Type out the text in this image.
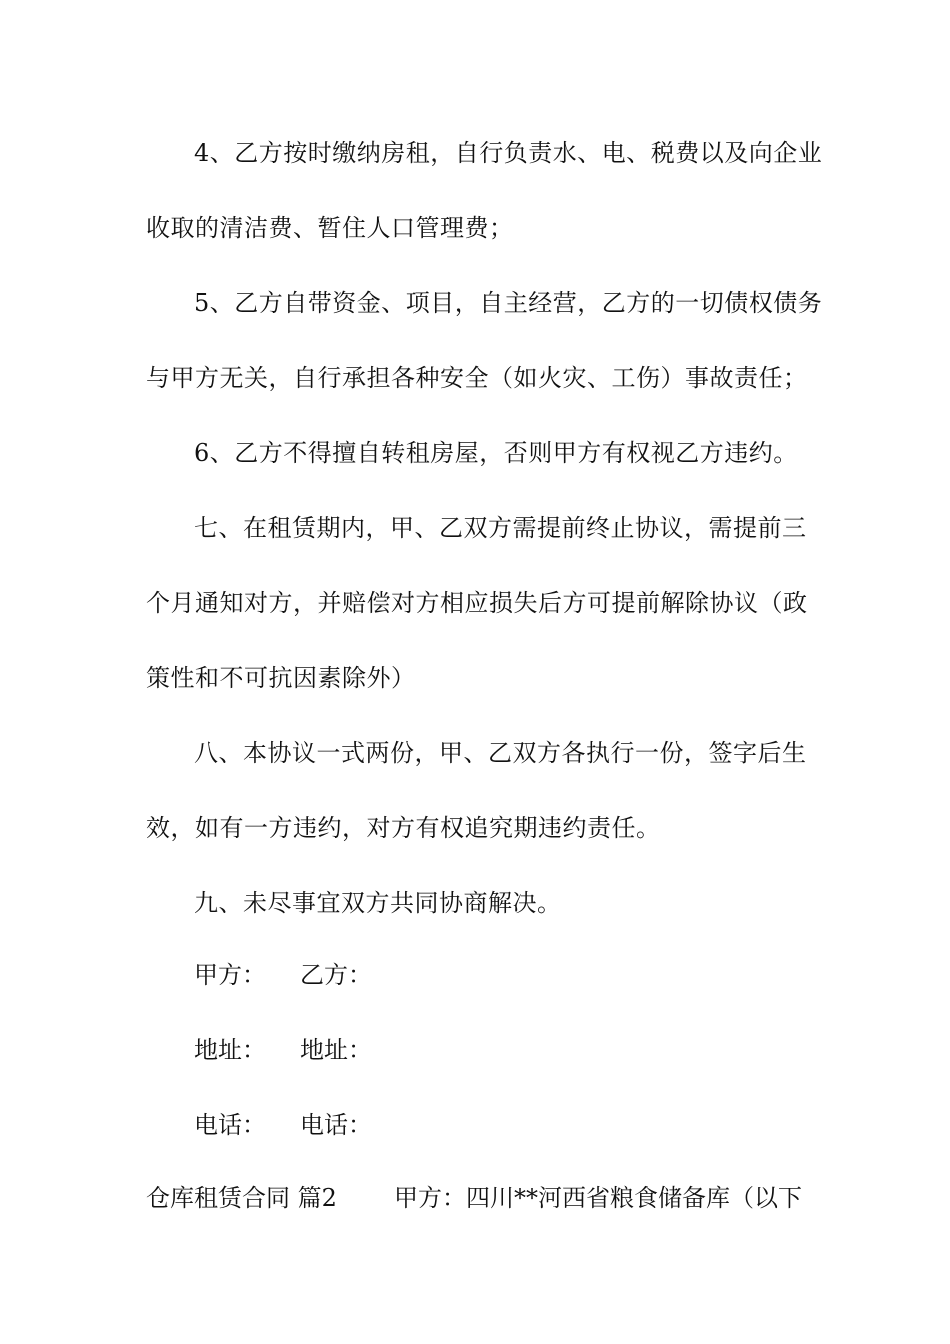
4、乙方按时缴纳房租，自行负责水、电、税费以及向企业
收取的清洁费、暂住人口管理费；
5、乙方自带资金、项目，自主经营，乙方的一切债权债务
与甲方无关，自行承担各种安全（如火灾、工伤）事故责任；
6、乙方不得擅自转租房屋，否则甲方有权视乙方违约。
七、在租赁期内，甲、乙双方需提前终止协议，需提前三
个月通知对方，并赔偿对方相应损失后方可提前解除协议（政
策性和不可抗因素除外）
八、本协议一式两份，甲、乙双方各执行一份，签字后生
效，如有一方违约，对方有权追究期违约责任。
九、未尽事宜双方共同协商解决。
甲方： 乙方：
地址： 地址：
电话： 电话：
仓库租赁合同 篇2 甲方：四川**河西省粮食储备库（以下
